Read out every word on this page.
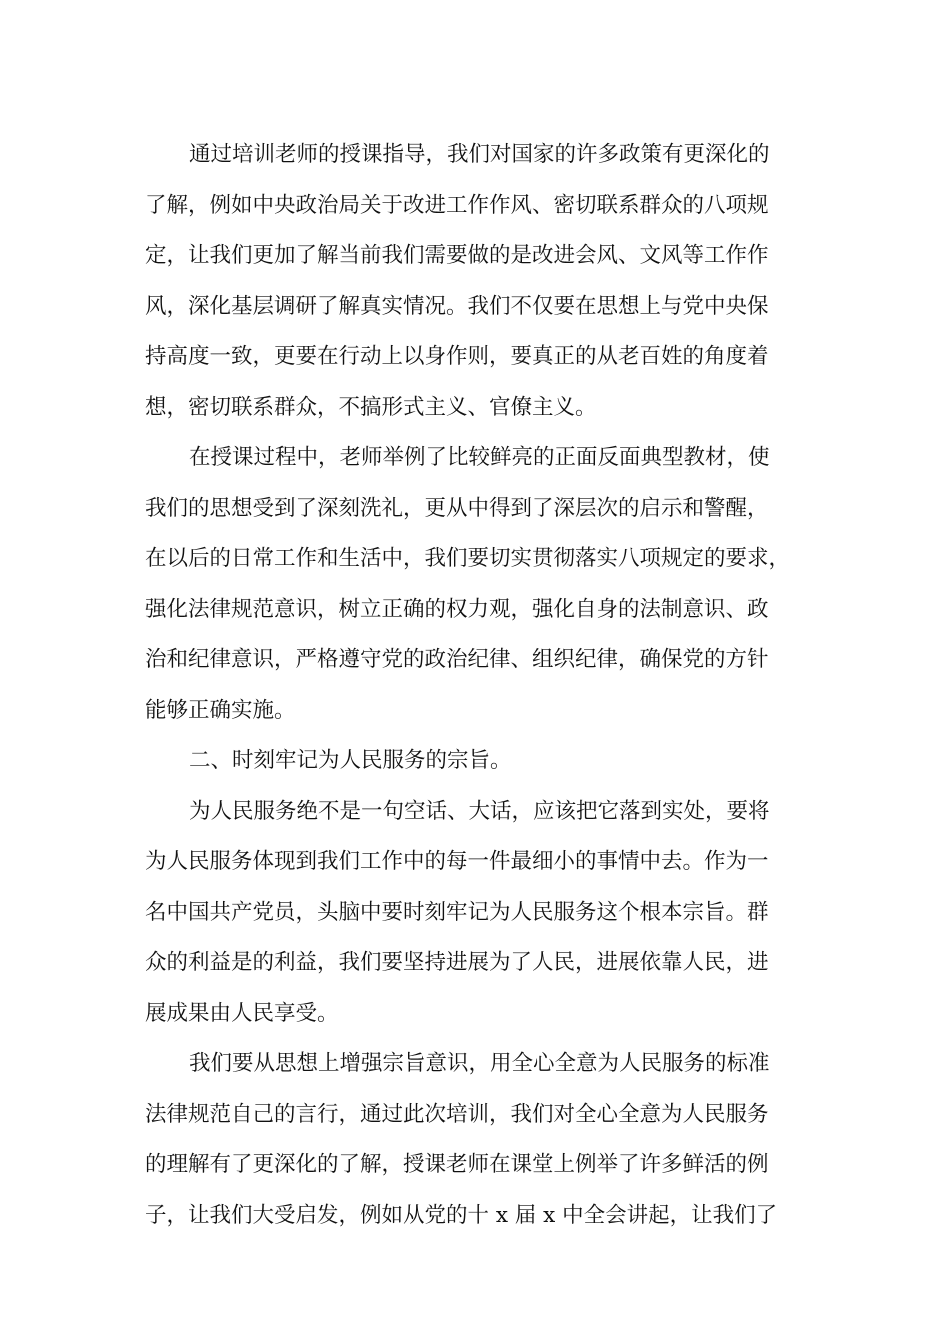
通过培训老师的授课指导，我们对国家的许多政策有更深化的
了解，例如中央政治局关于改进工作作风、密切联系群众的八项规
定，让我们更加了解当前我们需要做的是改进会风、文风等工作作
风，深化基层调研了解真实情况。我们不仅要在思想上与党中央保
持高度一致，更要在行动上以身作则，要真正的从老百姓的角度着
想，密切联系群众，不搞形式主义、官僚主义。
在授课过程中，老师举例了比较鲜亮的正面反面典型教材，使
我们的思想受到了深刻洗礼，更从中得到了深层次的启示和警醒，
在以后的日常工作和生活中，我们要切实贯彻落实八项规定的要求，
强化法律规范意识，树立正确的权力观，强化自身的法制意识、政
治和纪律意识，严格遵守党的政治纪律、组织纪律，确保党的方针
能够正确实施。
二、时刻牢记为人民服务的宗旨。
为人民服务绝不是一句空话、大话，应该把它落到实处，要将
为人民服务体现到我们工作中的每一件最细小的事情中去。作为一
名中国共产党员，头脑中要时刻牢记为人民服务这个根本宗旨。群
众的利益是的利益，我们要坚持进展为了人民，进展依靠人民，进
展成果由人民享受。
我们要从思想上增强宗旨意识，用全心全意为人民服务的标准
法律规范自己的言行，通过此次培训，我们对全心全意为人民服务
的理解有了更深化的了解，授课老师在课堂上例举了许多鲜活的例
子，让我们大受启发，例如从党的十 x 届 x 中全会讲起，让我们了
